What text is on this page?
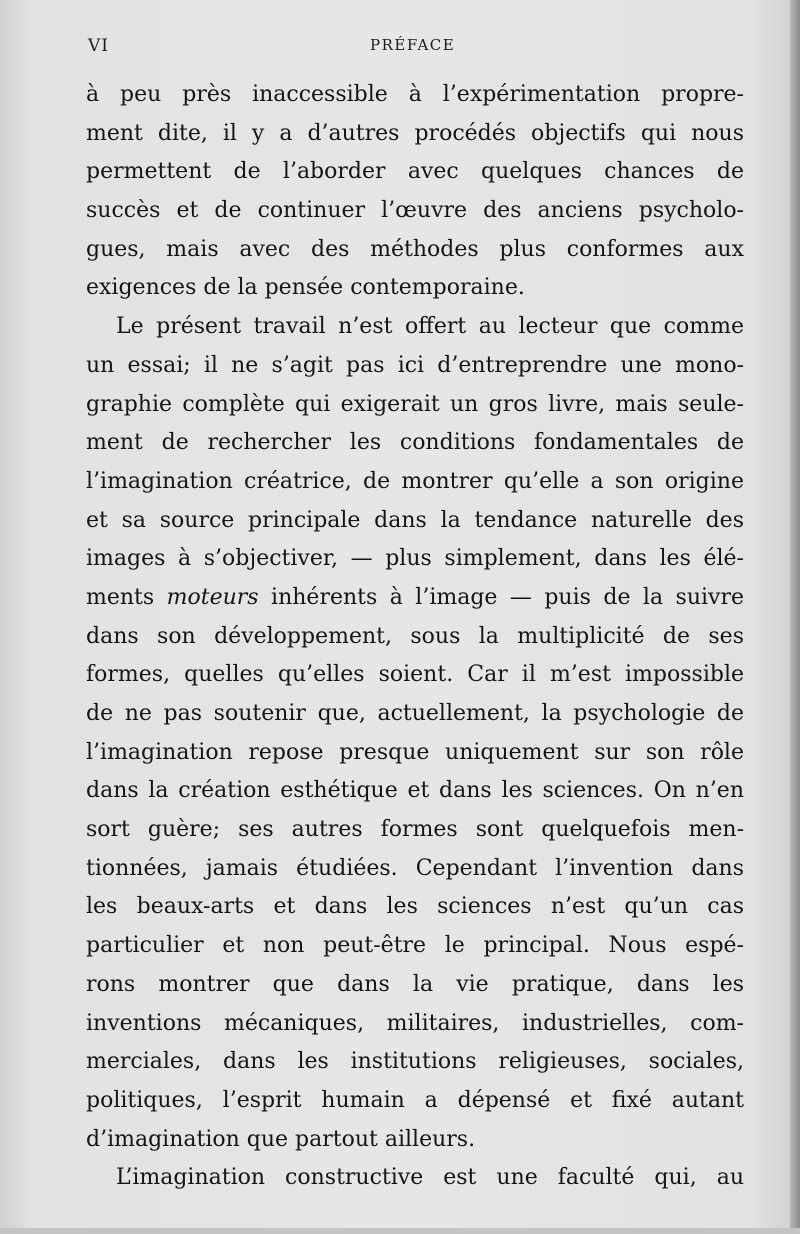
VI	PRÉFACE
à peu près inaccessible à l’expérimentation propre-
ment dite, il y a d’autres procédés objectifs qui nous
permettent de l’aborder avec quelques chances de
succès et de continuer l’œuvre des anciens psycholo-
gues, mais avec des méthodes plus conformes aux
exigences de la pensée contemporaine.
Le présent travail n’est offert au lecteur que comme
un essai; il ne s’agit pas ici d’entreprendre une mono-
graphie complète qui exigerait un gros livre, mais seule-
ment de rechercher les conditions fondamentales de
l’imagination créatrice, de montrer qu’elle a son origine
et sa source principale dans la tendance naturelle des
images à s’objectiver, — plus simplement, dans les élé-
ments moteurs inhérents à l’image — puis de la suivre
dans son développement, sous la multiplicité de ses
formes, quelles qu’elles soient. Car il m’est impossible
de ne pas soutenir que, actuellement, la psychologie de
l’imagination repose presque uniquement sur son rôle
dans la création esthétique et dans les sciences. On n’en
sort guère; ses autres formes sont quelquefois men-
tionnées, jamais étudiées. Cependant l’invention dans
les beaux-arts et dans les sciences n’est qu’un cas
particulier et non peut-être le principal. Nous espé-
rons montrer que dans la vie pratique, dans les
inventions mécaniques, militaires, industrielles, com-
merciales, dans les institutions religieuses, sociales,
politiques, l’esprit humain a dépensé et fixé autant
d’imagination que partout ailleurs.
L’imagination constructive est une faculté qui, au
